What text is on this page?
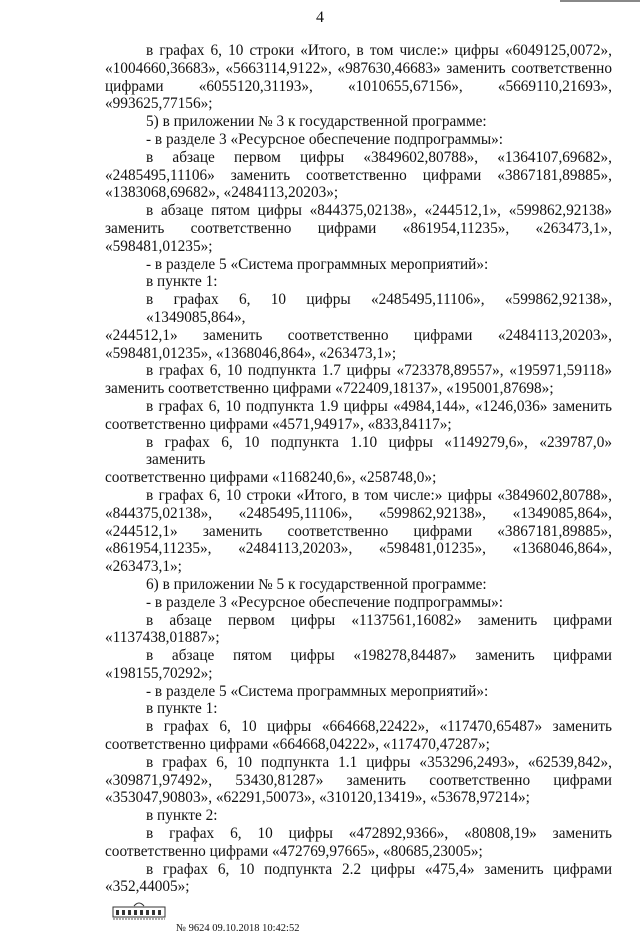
4
в графах 6, 10 строки «Итого, в том числе:» цифры «6049125,0072»,
«1004660,36683», «5663114,9122», «987630,46683» заменить соответственно
цифрами «6055120,31193», «1010655,67156», «5669110,21693»,
«993625,77156»;
5) в приложении № 3 к государственной программе:
- в разделе 3 «Ресурсное обеспечение подпрограммы»:
в абзаце первом цифры «3849602,80788», «1364107,69682»,
«2485495,11106» заменить соответственно цифрами «3867181,89885»,
«1383068,69682», «2484113,20203»;
в абзаце пятом цифры «844375,02138», «244512,1», «599862,92138»
заменить соответственно цифрами «861954,11235», «263473,1»,
«598481,01235»;
- в разделе 5 «Система программных мероприятий»:
в пункте 1:
в графах 6, 10 цифры «2485495,11106», «599862,92138», «1349085,864»,
«244512,1» заменить соответственно цифрами «2484113,20203»,
«598481,01235», «1368046,864», «263473,1»;
в графах 6, 10 подпункта 1.7 цифры «723378,89557», «195971,59118»
заменить соответственно цифрами «722409,18137», «195001,87698»;
в графах 6, 10 подпункта 1.9 цифры «4984,144», «1246,036» заменить
соответственно цифрами «4571,94917», «833,84117»;
в графах 6, 10 подпункта 1.10 цифры «1149279,6», «239787,0» заменить
соответственно цифрами «1168240,6», «258748,0»;
в графах 6, 10 строки «Итого, в том числе:» цифры «3849602,80788»,
«844375,02138», «2485495,11106», «599862,92138», «1349085,864»,
«244512,1» заменить соответственно цифрами «3867181,89885»,
«861954,11235», «2484113,20203», «598481,01235», «1368046,864»,
«263473,1»;
6) в приложении № 5 к государственной программе:
- в разделе 3 «Ресурсное обеспечение подпрограммы»:
в абзаце первом цифры «1137561,16082» заменить цифрами
«1137438,01887»;
в абзаце пятом цифры «198278,84487» заменить цифрами
«198155,70292»;
- в разделе 5 «Система программных мероприятий»:
в пункте 1:
в графах 6, 10 цифры «664668,22422», «117470,65487» заменить
соответственно цифрами «664668,04222», «117470,47287»;
в графах 6, 10 подпункта 1.1 цифры «353296,2493», «62539,842»,
«309871,97492», 53430,81287» заменить соответственно цифрами
«353047,90803», «62291,50073», «310120,13419», «53678,97214»;
в пункте 2:
в графах 6, 10 цифры «472892,9366», «80808,19» заменить
соответственно цифрами «472769,97665», «80685,23005»;
в графах 6, 10 подпункта 2.2 цифры «475,4» заменить цифрами
«352,44005»;
№ 9624 09.10.2018 10:42:52
